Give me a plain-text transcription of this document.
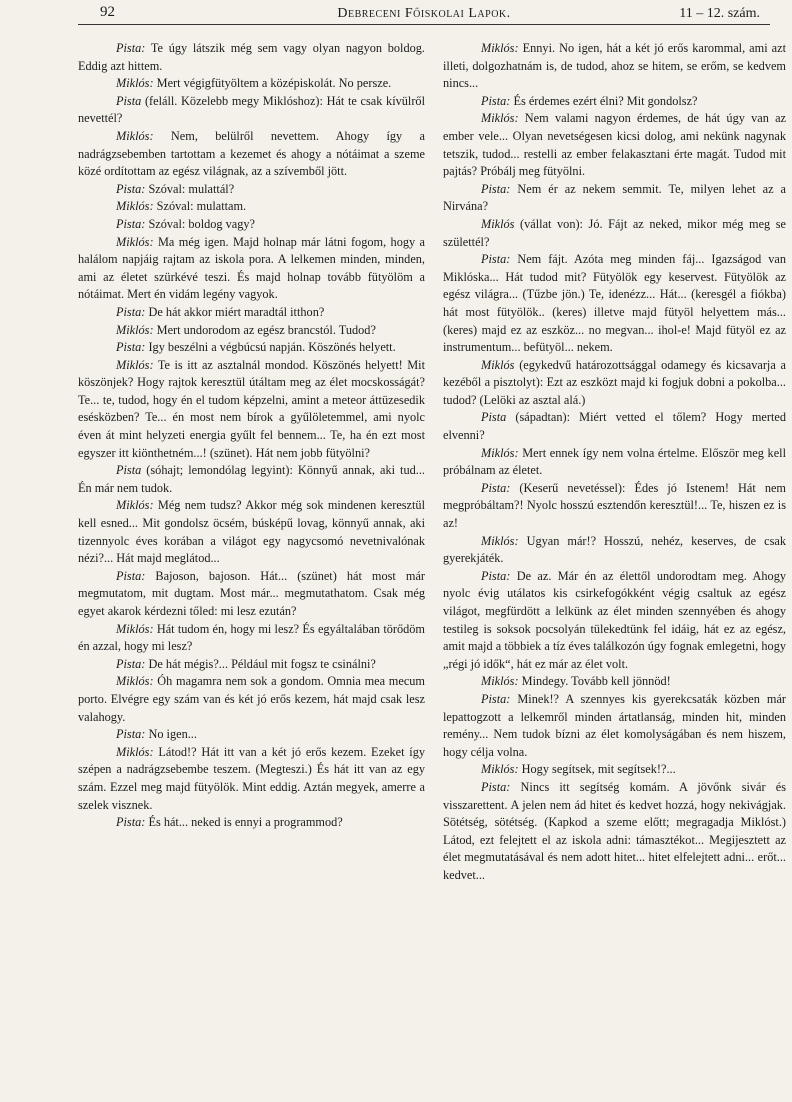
92	Debreceni Főiskolai Lapok.	11 – 12. szám.

Pista: Te úgy látszik még sem vagy olyan nagyon boldog. Eddig azt hittem.

Miklós: Mert végigfütyöltem a középiskolát. No persze.

Pista (feláll. Közelebb megy Miklóshoz): Hát te csak kívülről nevettél?

Miklós: Nem, belülről nevettem. Ahogy így a nadrágzsebemben tartottam a kezemet és ahogy a nótáimat a szeme közé ordítottam az egész világnak, az a szívemből jött.

Pista: Szóval: mulattál?

Miklós: Szóval: mulattam.

Pista: Szóval: boldog vagy?

Miklós: Ma még igen. Majd holnap már látni fogom, hogy a halálom napjáig rajtam az iskola pora. A lelkemen minden, minden, ami az életet szürkévé teszi. És majd holnap tovább fütyölöm a nótáimat. Mert én vidám legény vagyok.

Pista: De hát akkor miért maradtál itthon?

Miklós: Mert undorodom az egész brancstól. Tudod?

Pista: Igy beszélni a végbúcsú napján. Köszönés helyett.

Miklós: Te is itt az asztalnál mondod. Köszönés helyett! Mit köszönjek? Hogy rajtok keresztül útáltam meg az élet mocskosságát? Te... te, tudod, hogy én el tudom képzelni, amint a meteor áttüzesedik esésközben? Te... én most nem bírok a gyűlöletemmel, ami nyolc éven át mint helyzeti energia gyűlt fel bennem... Te, ha én ezt most egyszer itt kiönthetném...! (szünet). Hát nem jobb fütyölni?

Pista (sóhajt; lemondólag legyint): Könnyű annak, aki tud... Én már nem tudok.

Miklós: Még nem tudsz? Akkor még sok mindenen keresztül kell esned... Mit gondolsz öcsém, búsképű lovag, könnyű annak, aki tizennyolc éves korában a világot egy nagycsomó nevetnivalónak nézi?... Hát majd meglátod...

Pista: Bajoson, bajoson. Hát... (szünet) hát most már megmutatom, mit dugtam. Most már... megmutathatom. Csak még egyet akarok kérdezni tőled: mi lesz ezután?

Miklós: Hát tudom én, hogy mi lesz? És egyáltalában törődöm én azzal, hogy mi lesz?

Pista: De hát mégis?... Például mit fogsz te csinálni?

Miklós: Óh magamra nem sok a gondom. Omnia mea mecum porto. Elvégre egy szám van és két jó erős kezem, hát majd csak lesz valahogy.

Pista: No igen...

Miklós: Látod!? Hát itt van a két jó erős kezem. Ezeket így szépen a nadrágzsebembe teszem. (Megteszi.) És hát itt van az egy szám. Ezzel meg majd fütyölök. Mint eddig. Aztán megyek, amerre a szelek visznek.

Pista: És hát... neked is ennyi a programmod?

Miklós: Ennyi. No igen, hát a két jó erős karommal, ami azt illeti, dolgozhatnám is, de tudod, ahoz se hitem, se erőm, se kedvem nincs...

Pista: És érdemes ezért élni? Mit gondolsz?

Miklós: Nem valami nagyon érdemes, de hát úgy van az ember vele... Olyan nevetségesen kicsi dolog, ami nekünk nagynak tetszik, tudod... restelli az ember felakasztani érte magát. Tudod mit pajtás? Próbálj meg fütyölni.

Pista: Nem ér az nekem semmit. Te, milyen lehet az a Nirvána?

Miklós (vállat von): Jó. Fájt az neked, mikor még meg se születtél?

Pista: Nem fájt. Azóta meg minden fáj... Igazságod van Miklóska... Hát tudod mit? Fütyölök egy keservest. Fütyölök az egész világra... (Tűzbe jön.) Te, idenézz... Hát... (keresgél a fiókba) hát most fütyölök.. (keres) illetve majd fütyöl helyettem más... (keres) majd ez az eszköz... no megvan... ihol-e! Majd fütyöl ez az instrumentum... befütyöl... nekem.

Miklós (egykedvű határozottsággal odamegy és kicsavarja a kezéből a pisztolyt): Ezt az eszközt majd ki fogjuk dobni a pokolba... tudod? (Lelöki az asztal alá.)

Pista (sápadtan): Miért vetted el tőlem? Hogy merted elvenni?

Miklós: Mert ennek így nem volna értelme. Először meg kell próbálnam az életet.

Pista: (Keserű nevetéssel): Édes jó Istenem! Hát nem megpróbáltam?! Nyolc hosszú esztendőn keresztül!... Te, hiszen ez is az!

Miklós: Ugyan már!? Hosszú, nehéz, keserves, de csak gyerekjáték.

Pista: De az. Már én az élettől undorodtam meg. Ahogy nyolc évig utálatos kis csirkefogókként végig csaltuk az egész világot, megfürdött a lelkünk az élet minden szennyében és ahogy testileg is soksok pocsolyán tülekedtünk fel idáig, hát ez az egész, amit majd a többiek a tíz éves találkozón úgy fognak emlegetni, hogy „régi jó idők“, hát ez már az élet volt.

Miklós: Mindegy. Tovább kell jönnöd!

Pista: Minek!? A szennyes kis gyerekcsaták közben már lepattogzott a lelkemről minden ártatlanság, minden hit, minden remény... Nem tudok bízni az élet komolyságában és nem hiszem, hogy célja volna.

Miklós: Hogy segítsek, mit segítsek!?...

Pista: Nincs itt segítség komám. A jövőnk sivár és visszarettent. A jelen nem ád hitet és kedvet hozzá, hogy nekivágjak. Sötétség, sötétség. (Kapkod a szeme előtt; megragadja Miklóst.) Látod, ezt felejtett el az iskola adni: támasztékot... Megijesztett az élet megmutatásával és nem adott hitet... hitet elfelejtett adni... erőt... kedvet...
